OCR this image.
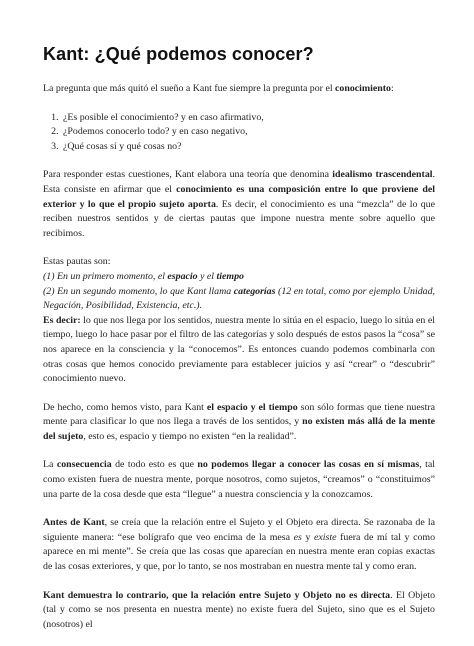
Kant: ¿Qué podemos conocer?

La pregunta que más quitó el sueño a Kant fue siempre la pregunta por el conocimiento:

1. ¿Es posible el conocimiento? y en caso afirmativo,
2. ¿Podemos conocerlo todo? y en caso negativo,
3. ¿Qué cosas sí y qué cosas no?

Para responder estas cuestiones, Kant elabora una teoría que denomina idealismo trascendental. Esta consiste en afirmar que el conocimiento es una composición entre lo que proviene del exterior y lo que el propio sujeto aporta. Es decir, el conocimiento es una “mezcla” de lo que reciben nuestros sentidos y de ciertas pautas que impone nuestra mente sobre aquello que recibimos.

Estas pautas son:

(1) En un primero momento, el espacio y el tiempo

(2) En un segundo momento, lo que Kant llama categorías (12 en total, como por ejemplo Unidad, Negación, Posibilidad, Existencia, etc.).

Es decir: lo que nos llega por los sentidos, nuestra mente lo sitúa en el espacio, luego lo sitúa en el tiempo, luego lo hace pasar por el filtro de las categorías y solo después de estos pasos la “cosa” se nos aparece en la consciencia y la “conocemos”. Es entonces cuando podemos combinarla con otras cosas que hemos conocido previamente para establecer juicios y así “crear” o “descubrir” conocimiento nuevo.

De hecho, como hemos visto, para Kant el espacio y el tiempo son sólo formas que tiene nuestra mente para clasificar lo que nos llega a través de los sentidos, y no existen más allá de la mente del sujeto, esto es, espacio y tiempo no existen “en la realidad”.

La consecuencia de todo esto es que no podemos llegar a conocer las cosas en sí mismas, tal como existen fuera de nuestra mente, porque nosotros, como sujetos, “creamos” o “constituimos” una parte de la cosa desde que esta “llegue” a nuestra consciencia y la conozcamos.

Antes de Kant, se creía que la relación entre el Sujeto y el Objeto era directa. Se razonaba de la siguiente manera: “ese bolígrafo que veo encima de la mesa es y existe fuera de mí tal y como aparece en mi mente”. Se creía que las cosas que aparecían en nuestra mente eran copias exactas de las cosas exteriores, y que, por lo tanto, se nos mostraban en nuestra mente tal y como eran.

Kant demuestra lo contrario, que la relación entre Sujeto y Objeto no es directa. El Objeto (tal y como se nos presenta en nuestra mente) no existe fuera del Sujeto, sino que es el Sujeto (nosotros) el
